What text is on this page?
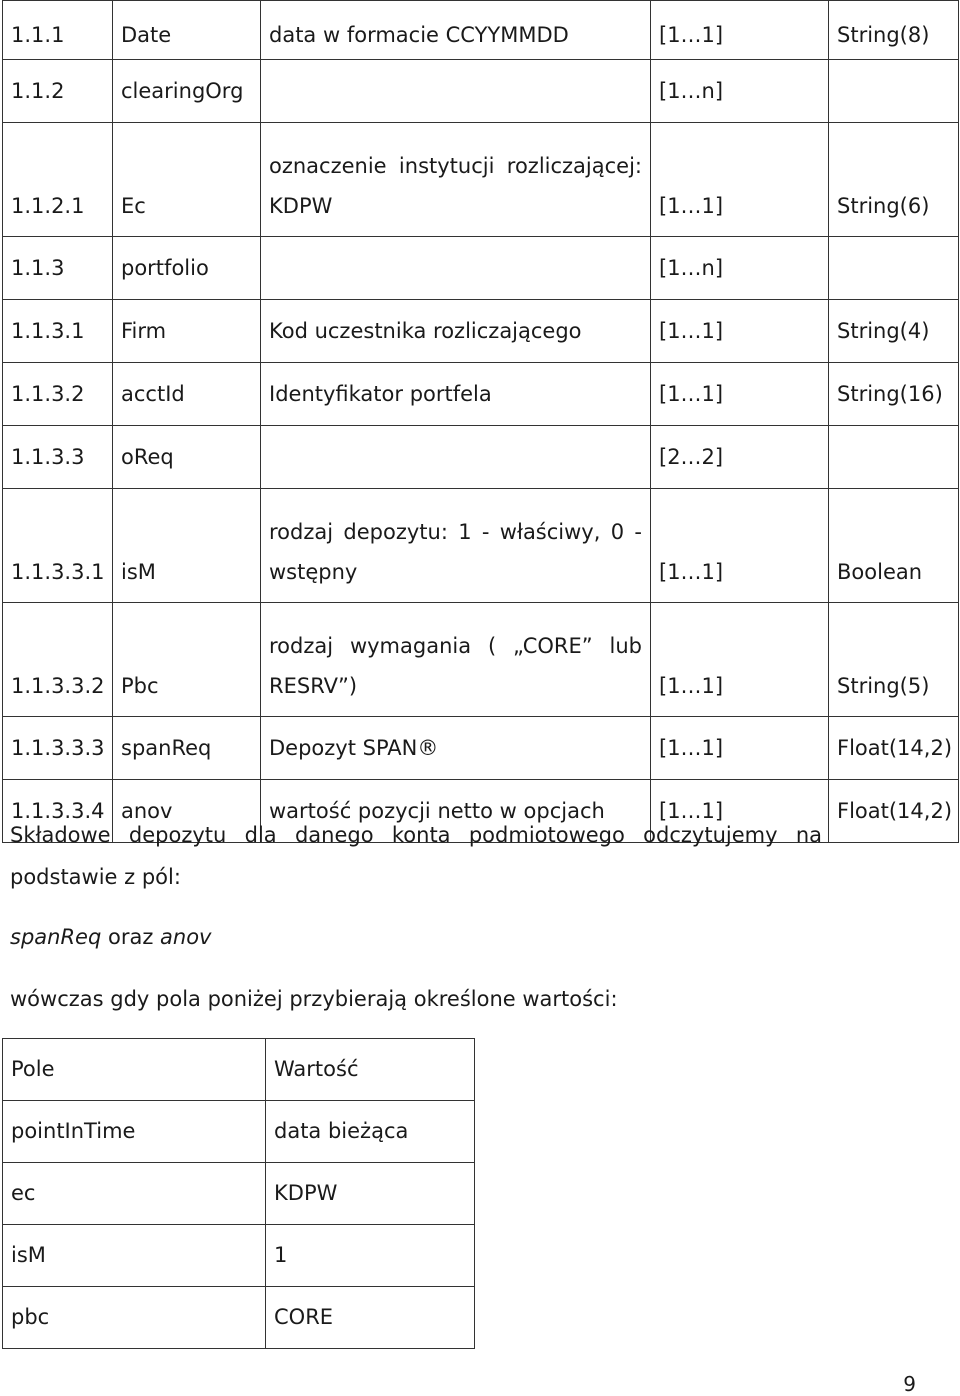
1.1.1	Date	data w formacie CCYYMMDD	[1…1]	String(8)
1.1.2	clearingOrg		[1…n]	
1.1.2.1	Ec	oznaczenie instytucji rozliczającej: KDPW	[1…1]	String(6)
1.1.3	portfolio		[1…n]	
1.1.3.1	Firm	Kod uczestnika rozliczającego	[1…1]	String(4)
1.1.3.2	acctId	Identyfikator portfela	[1…1]	String(16)
1.1.3.3	oReq		[2…2]	
1.1.3.3.1	isM	rodzaj depozytu: 1 - właściwy, 0 - wstępny	[1…1]	Boolean
1.1.3.3.2	Pbc	rodzaj wymagania ( „CORE” lub RESRV”)	[1…1]	String(5)
1.1.3.3.3	spanReq	Depozyt SPAN®	[1…1]	Float(14,2)
1.1.3.3.4	anov	wartość pozycji netto w opcjach	[1…1]	Float(14,2)
Składowe depozytu dla danego konta podmiotowego odczytujemy na
podstawie z pól:
spanReq oraz anov
wówczas gdy pola poniżej przybierają określone wartości:
Pole	Wartość
pointInTime	data bieżąca
ec	KDPW
isM	1
pbc	CORE
9
